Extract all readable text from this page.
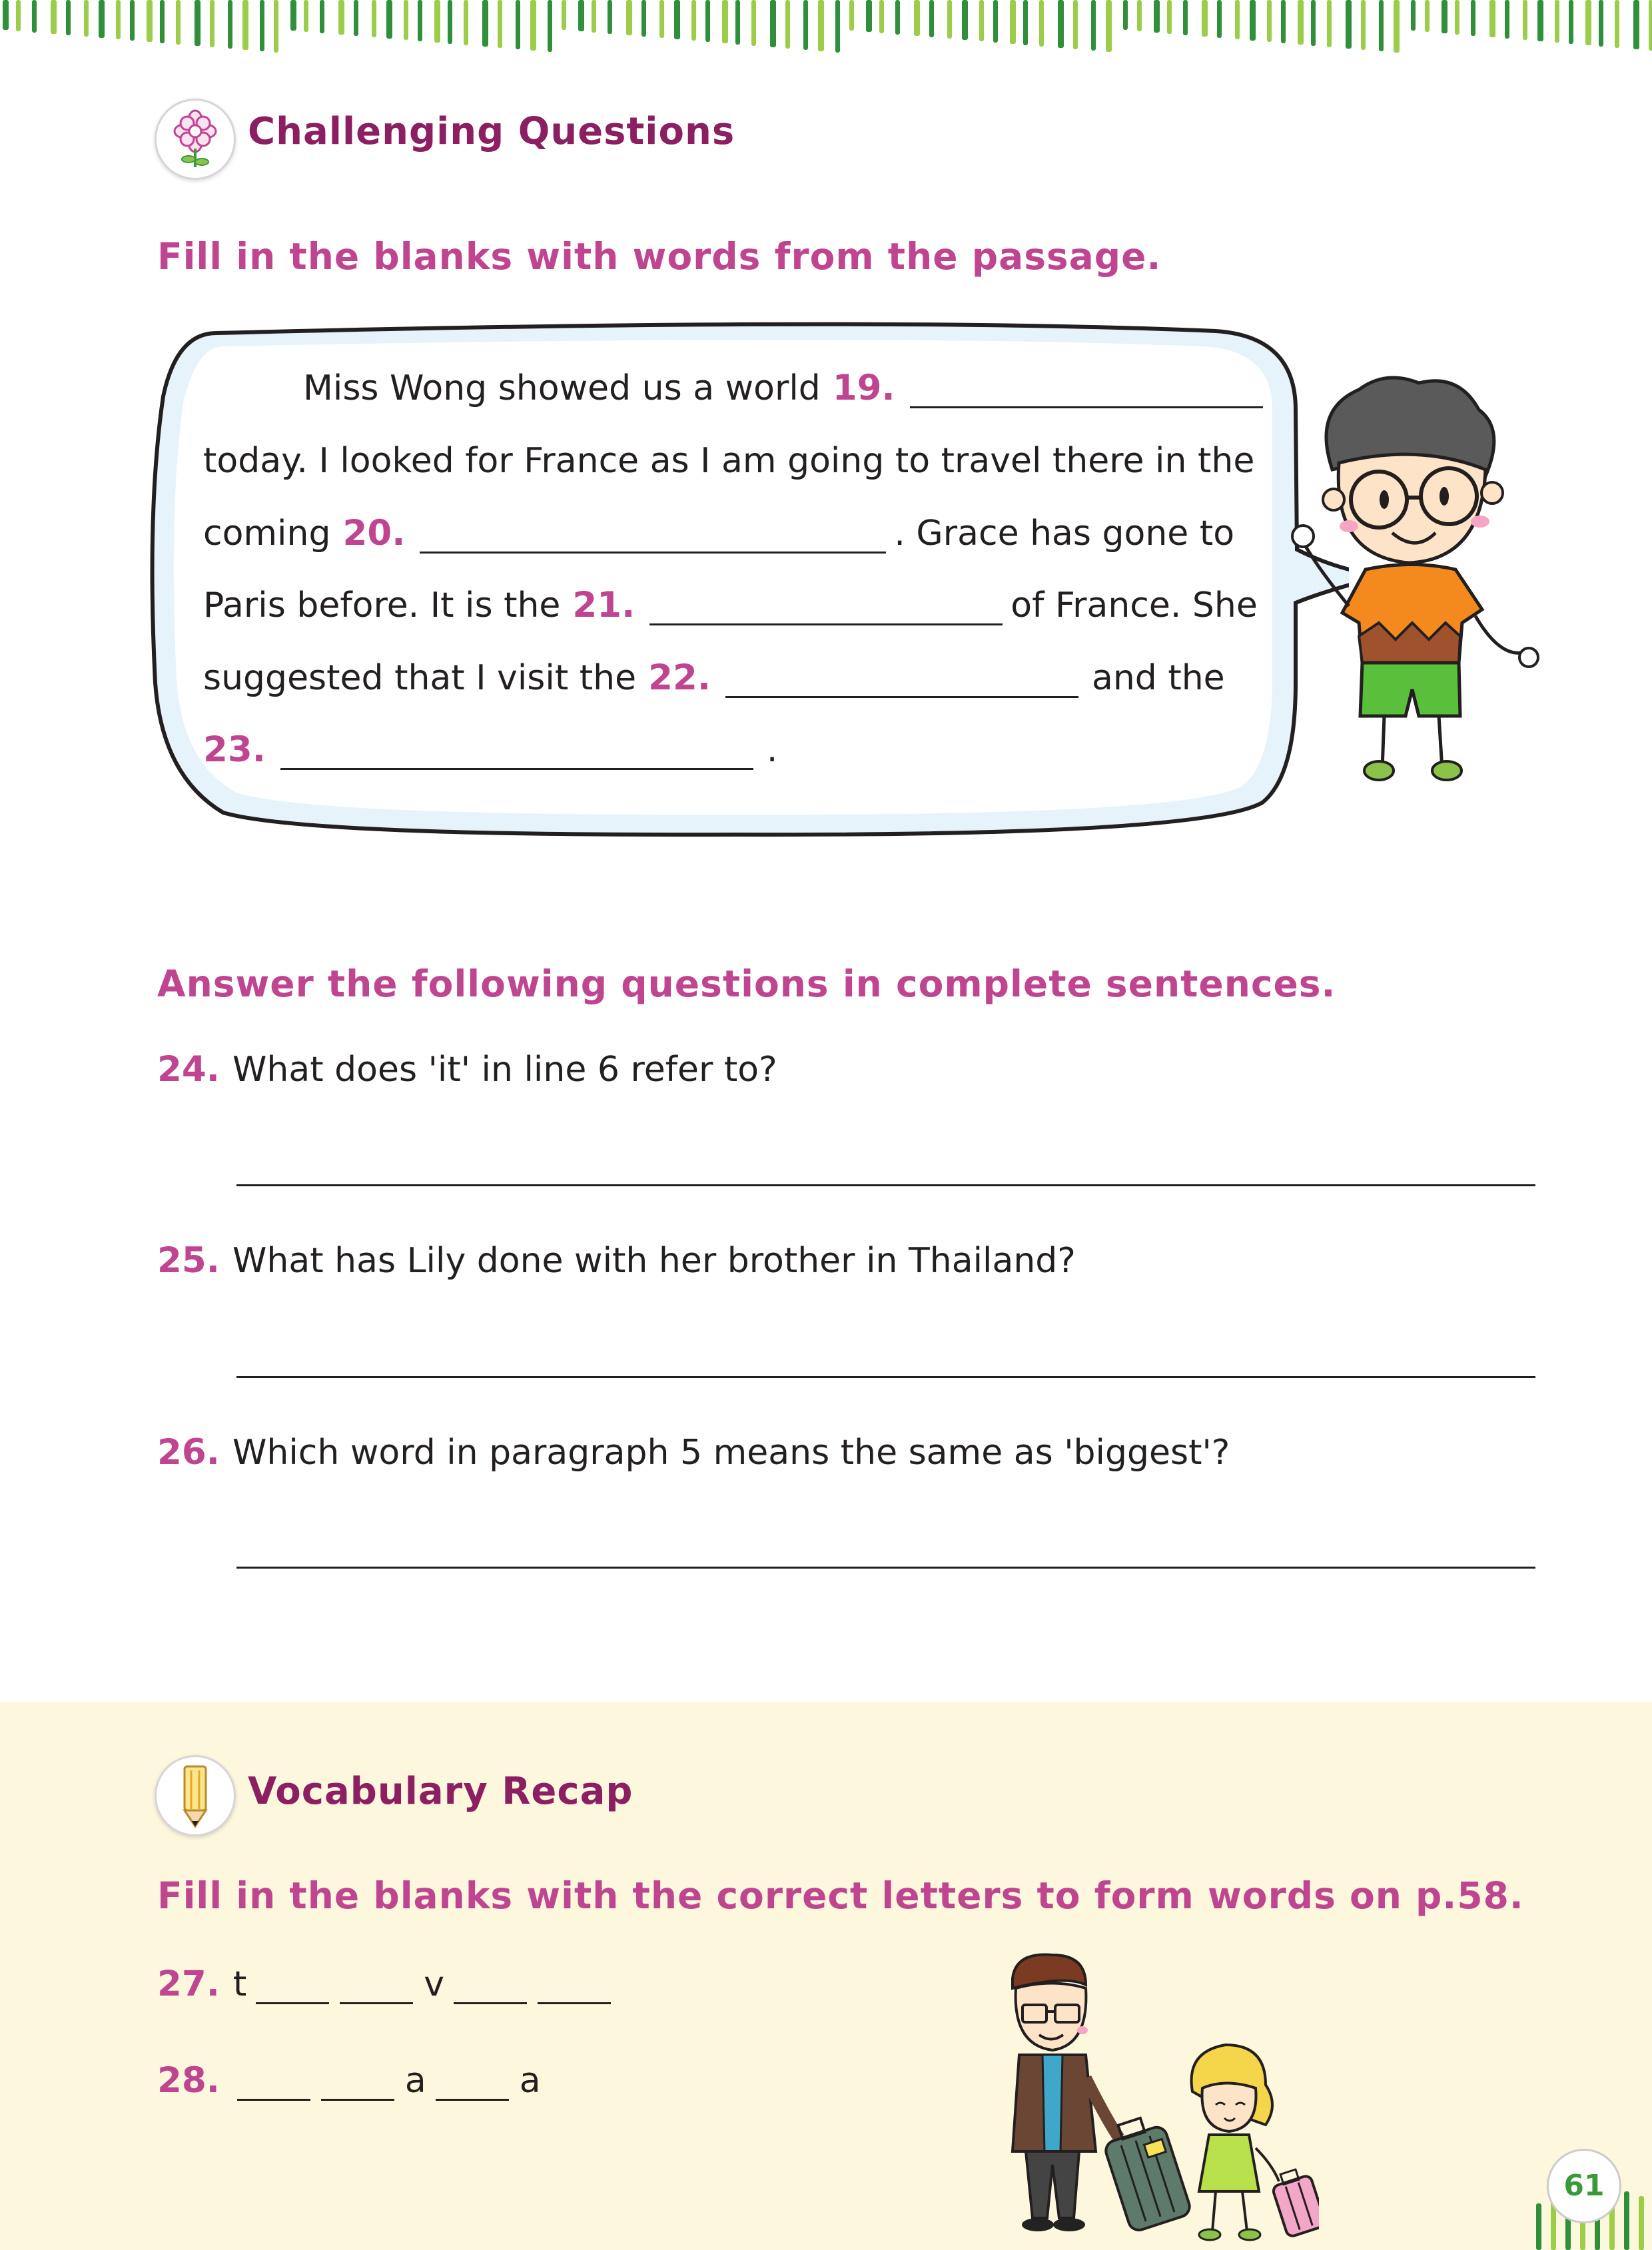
Challenging Questions
Fill in the blanks with words from the passage.
Miss Wong showed us a world 19.
today. I looked for France as I am going to travel there in the
coming 20.	. Grace has gone to
Paris before. It is the 21.	of France. She
suggested that I visit the 22.	and the
23.	.
Answer the following questions in complete sentences.
24. What does 'it' in line 6 refer to?
25. What has Lily done with her brother in Thailand?
26. Which word in paragraph 5 means the same as 'biggest'?
Vocabulary Recap
Fill in the blanks with the correct letters to form words on p.58.
27. t	v
28.	a	a
61
